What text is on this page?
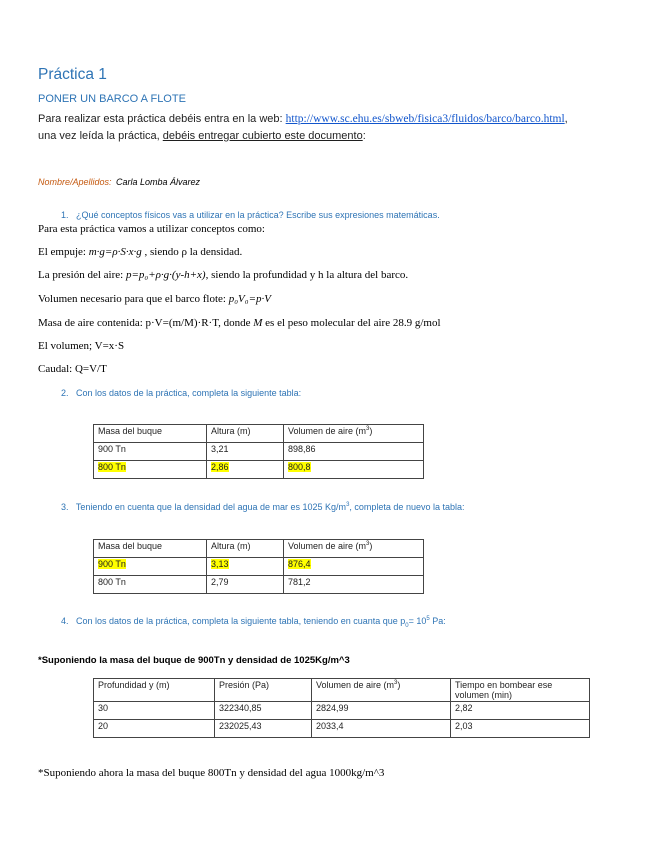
Práctica 1
PONER UN BARCO A FLOTE
Para realizar esta práctica debéis entra en la web: http://www.sc.ehu.es/sbweb/fisica3/fluidos/barco/barco.html,
una vez leída la práctica, debéis entregar cubierto este documento:
Nombre/Apellidos: Carla Lomba Álvarez
1. ¿Qué conceptos físicos vas a utilizar en la práctica? Escribe sus expresiones matemáticas.
Para esta práctica vamos a utilizar conceptos como:
El empuje: m·g=ρ·S·x·g , siendo ρ la densidad.
La presión del aire: p=p₀+ρ·g·(y-h+x), siendo la profundidad y h la altura del barco.
Volumen necesario para que el barco flote: p₀V₀=p·V
Masa de aire contenida: p·V=(m/M)·R·T, donde M es el peso molecular del aire 28.9 g/mol
El volumen; V=x·S
Caudal: Q=V/T
2. Con los datos de la práctica, completa la siguiente tabla:
Masa del buque	Altura (m)	Volumen de aire $(m^3)$
900 Tn	3,21	898,86
800 Tn	2,86	800,8
3. Teniendo en cuenta que la densidad del agua de mar es 1025 $Kg/m^3$, completa de nuevo la tabla:
Masa del buque	Altura (m)	Volumen de aire $(m^3)$
900 Tn	3,13	876,4
800 Tn	2,79	781,2
4. Con los datos de la práctica, completa la siguiente tabla, teniendo en cuanta que $p_0= 10^5$ Pa:
*Suponiendo la masa del buque de 900Tn y densidad de 1025Kg/m^3
Profundidad y (m)	Presión (Pa)	Volumen de aire $(m^3)$	Tiempo en bombear ese volumen (min)
30	322340,85	2824,99	2,82
20	232025,43	2033,4	2,03
*Suponiendo ahora la masa del buque 800Tn y densidad del agua 1000kg/m^3
